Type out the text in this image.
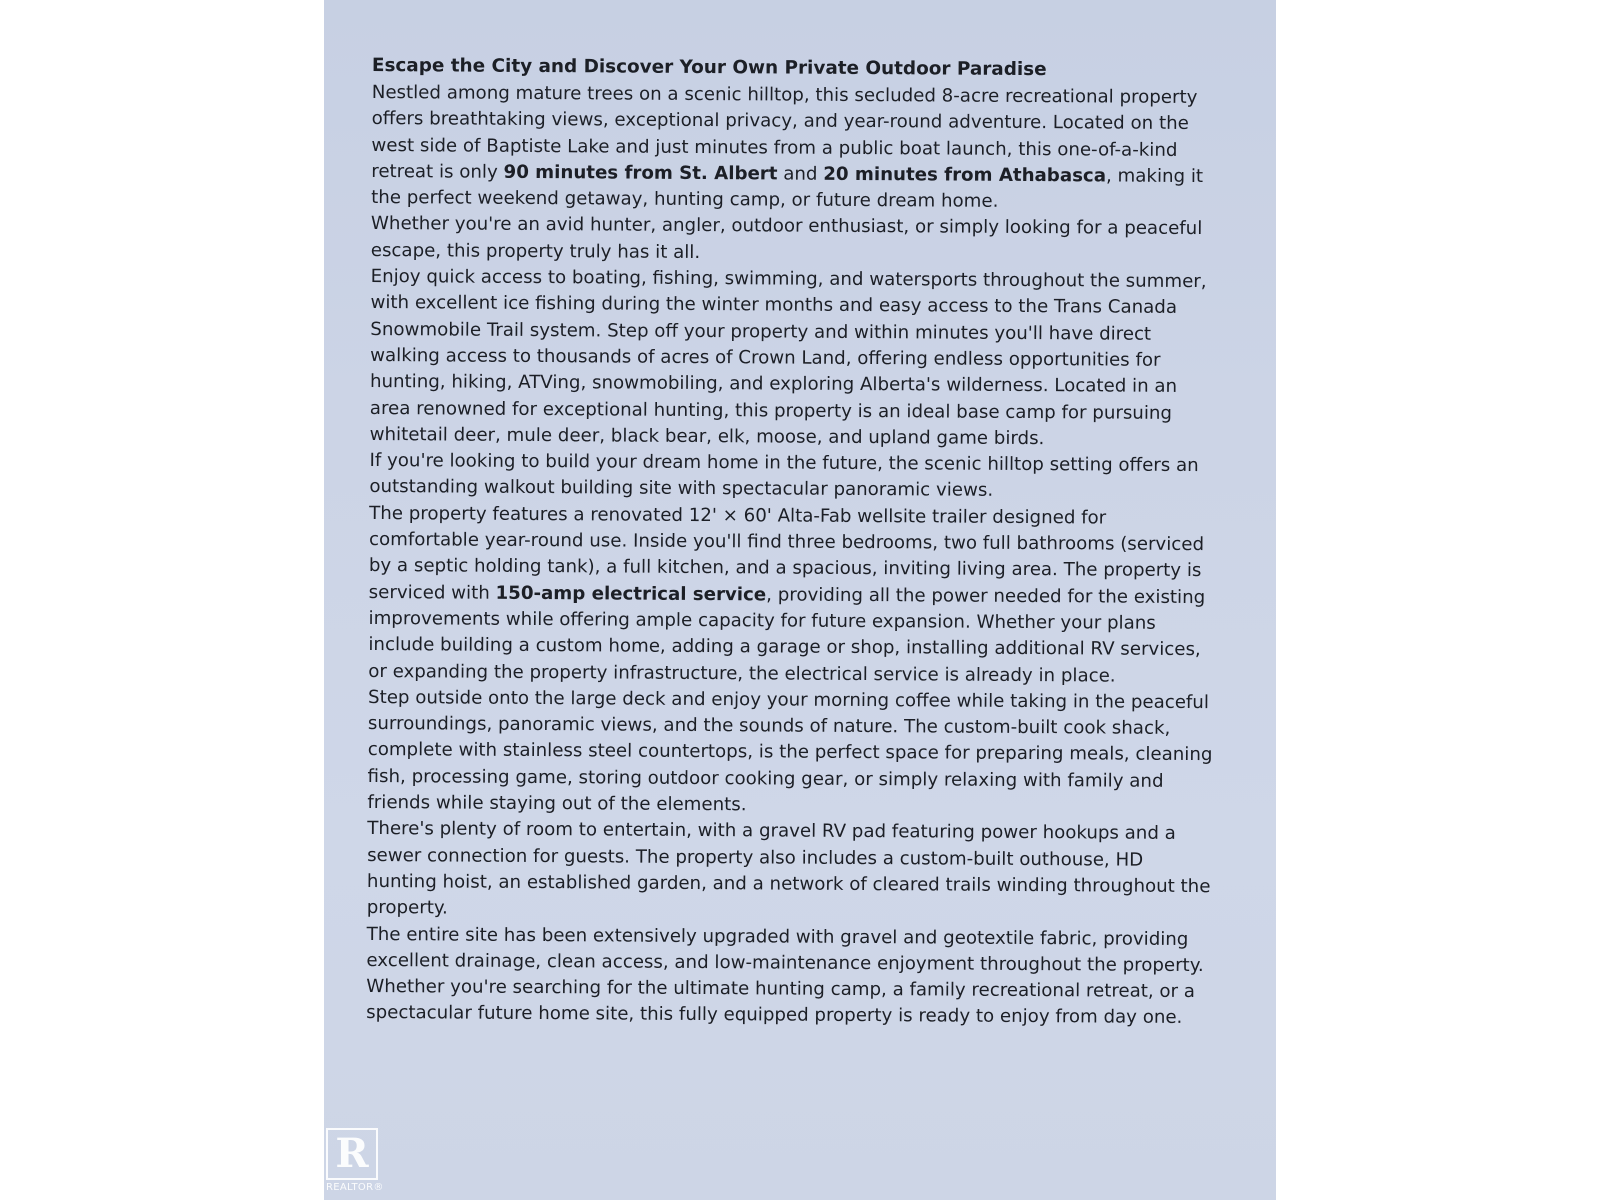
Escape the City and Discover Your Own Private Outdoor Paradise

Nestled among mature trees on a scenic hilltop, this secluded 8-acre recreational property offers breathtaking views, exceptional privacy, and year-round adventure. Located on the west side of Baptiste Lake and just minutes from a public boat launch, this one-of-a-kind retreat is only 90 minutes from St. Albert and 20 minutes from Athabasca, making it the perfect weekend getaway, hunting camp, or future dream home.

Whether you're an avid hunter, angler, outdoor enthusiast, or simply looking for a peaceful escape, this property truly has it all.

Enjoy quick access to boating, fishing, swimming, and watersports throughout the summer, with excellent ice fishing during the winter months and easy access to the Trans Canada Snowmobile Trail system. Step off your property and within minutes you'll have direct walking access to thousands of acres of Crown Land, offering endless opportunities for hunting, hiking, ATVing, snowmobiling, and exploring Alberta's wilderness. Located in an area renowned for exceptional hunting, this property is an ideal base camp for pursuing whitetail deer, mule deer, black bear, elk, moose, and upland game birds.

If you're looking to build your dream home in the future, the scenic hilltop setting offers an outstanding walkout building site with spectacular panoramic views.

The property features a renovated 12' × 60' Alta-Fab wellsite trailer designed for comfortable year-round use. Inside you'll find three bedrooms, two full bathrooms (serviced by a septic holding tank), a full kitchen, and a spacious, inviting living area. The property is serviced with 150-amp electrical service, providing all the power needed for the existing improvements while offering ample capacity for future expansion. Whether your plans include building a custom home, adding a garage or shop, installing additional RV services, or expanding the property infrastructure, the electrical service is already in place.

Step outside onto the large deck and enjoy your morning coffee while taking in the peaceful surroundings, panoramic views, and the sounds of nature. The custom-built cook shack, complete with stainless steel countertops, is the perfect space for preparing meals, cleaning fish, processing game, storing outdoor cooking gear, or simply relaxing with family and friends while staying out of the elements.

There's plenty of room to entertain, with a gravel RV pad featuring power hookups and a sewer connection for guests. The property also includes a custom-built outhouse, HD hunting hoist, an established garden, and a network of cleared trails winding throughout the property.

The entire site has been extensively upgraded with gravel and geotextile fabric, providing excellent drainage, clean access, and low-maintenance enjoyment throughout the property.

Whether you're searching for the ultimate hunting camp, a family recreational retreat, or a spectacular future home site, this fully equipped property is ready to enjoy from day one.

R
REALTOR®
